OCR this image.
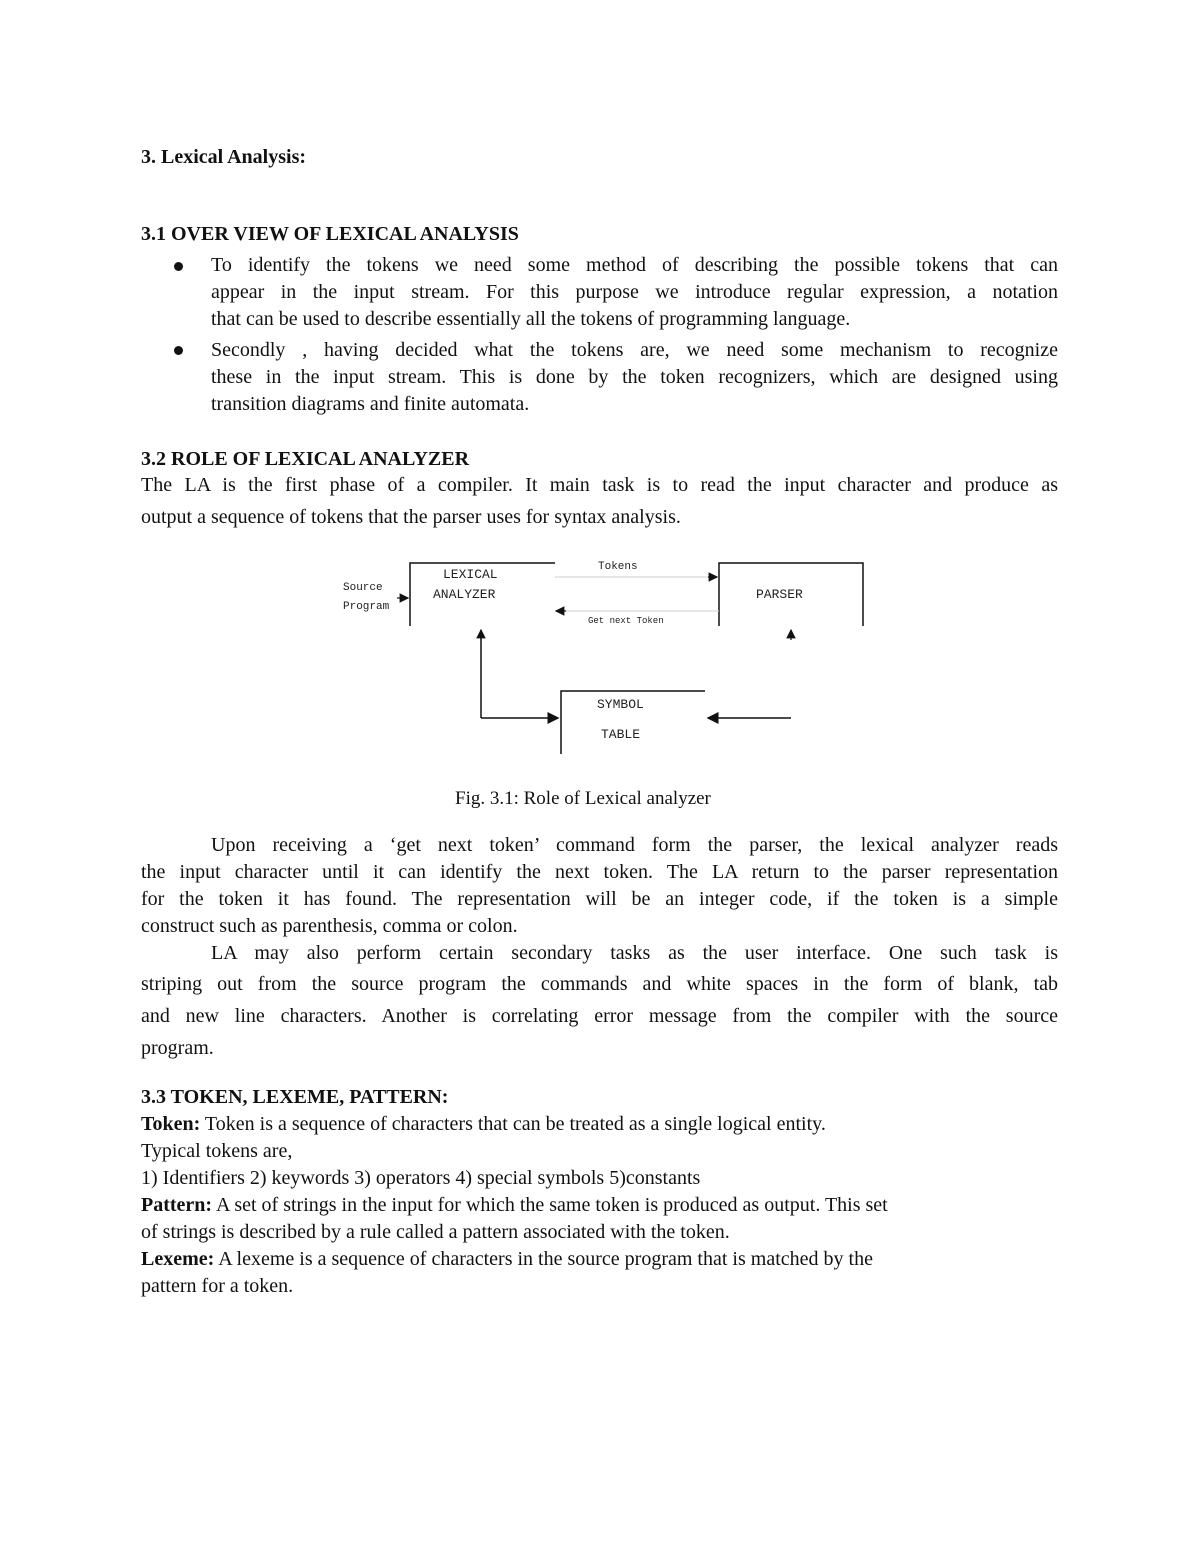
3. Lexical Analysis:
3.1 OVER VIEW OF LEXICAL ANALYSIS
To identify the tokens we need some method of describing the possible tokens that can
appear in the input stream. For this purpose we introduce regular expression, a notation
that can be used to describe essentially all the tokens of programming language.
Secondly , having decided what the tokens are, we need some mechanism to recognize
these in the input stream. This is done by the token recognizers, which are designed using
transition diagrams and finite automata.
3.2 ROLE OF LEXICAL ANALYZER
The LA is the first phase of a compiler. It main task is to read the input character and produce as
output a sequence of tokens that the parser uses for syntax analysis.
Source
Program
LEXICAL
ANALYZER
Tokens
Get next Token
PARSER
SYMBOL
TABLE
Fig. 3.1: Role of Lexical analyzer
Upon receiving a ‘get next token’ command form the parser, the lexical analyzer reads
the input character until it can identify the next token. The LA return to the parser representation
for the token it has found. The representation will be an integer code, if the token is a simple
construct such as parenthesis, comma or colon.
LA may also perform certain secondary tasks as the user interface. One such task is
striping out from the source program the commands and white spaces in the form of blank, tab
and new line characters. Another is correlating error message from the compiler with the source
program.
3.3 TOKEN, LEXEME, PATTERN:
Token: Token is a sequence of characters that can be treated as a single logical entity.
Typical tokens are,
1) Identifiers 2) keywords 3) operators 4) special symbols 5)constants
Pattern: A set of strings in the input for which the same token is produced as output. This set
of strings is described by a rule called a pattern associated with the token.
Lexeme: A lexeme is a sequence of characters in the source program that is matched by the
pattern for a token.
